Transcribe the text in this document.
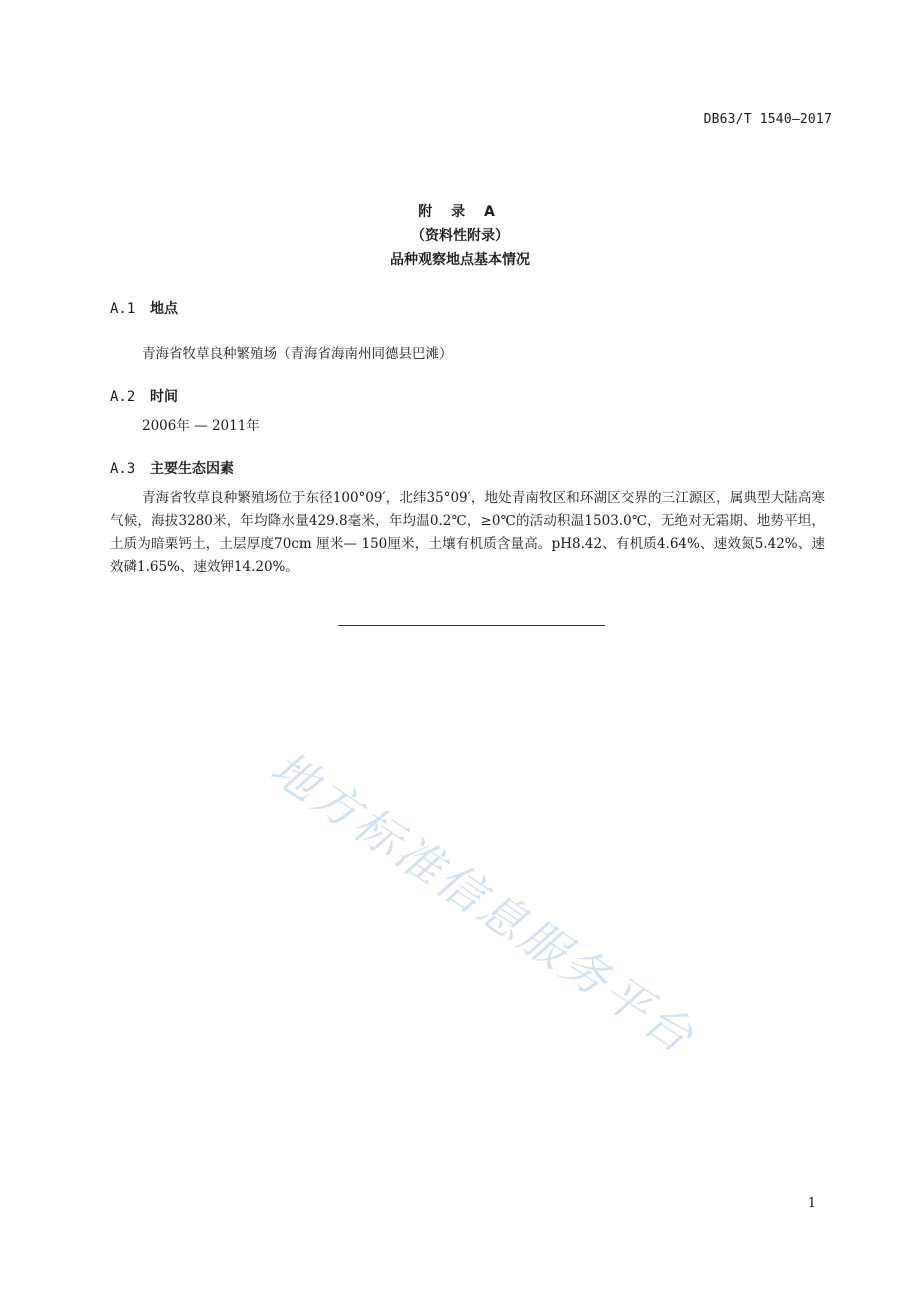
DB63/T 1540—2017
附 录 A
（资料性附录）
品种观察地点基本情况
A.1 地点
青海省牧草良种繁殖场（青海省海南州同德县巴滩）
A.2 时间
2006年 — 2011年
A.3 主要生态因素
青海省牧草良种繁殖场位于东径100°09′，北纬35°09′，地处青南牧区和环湖区交界的三江源区，属典型大陆高寒气候，海拔3280米，年均降水量429.8毫米，年均温0.2℃，≥0℃的活动积温1503.0℃，无绝对无霜期、地势平坦，土质为暗栗钙土，土层厚度70cm 厘米— 150厘米，土壤有机质含量高。pH8.42、有机质4.64%、速效氮5.42%、速效磷1.65%、速效钾14.20%。
地方标准信息服务平台
1
